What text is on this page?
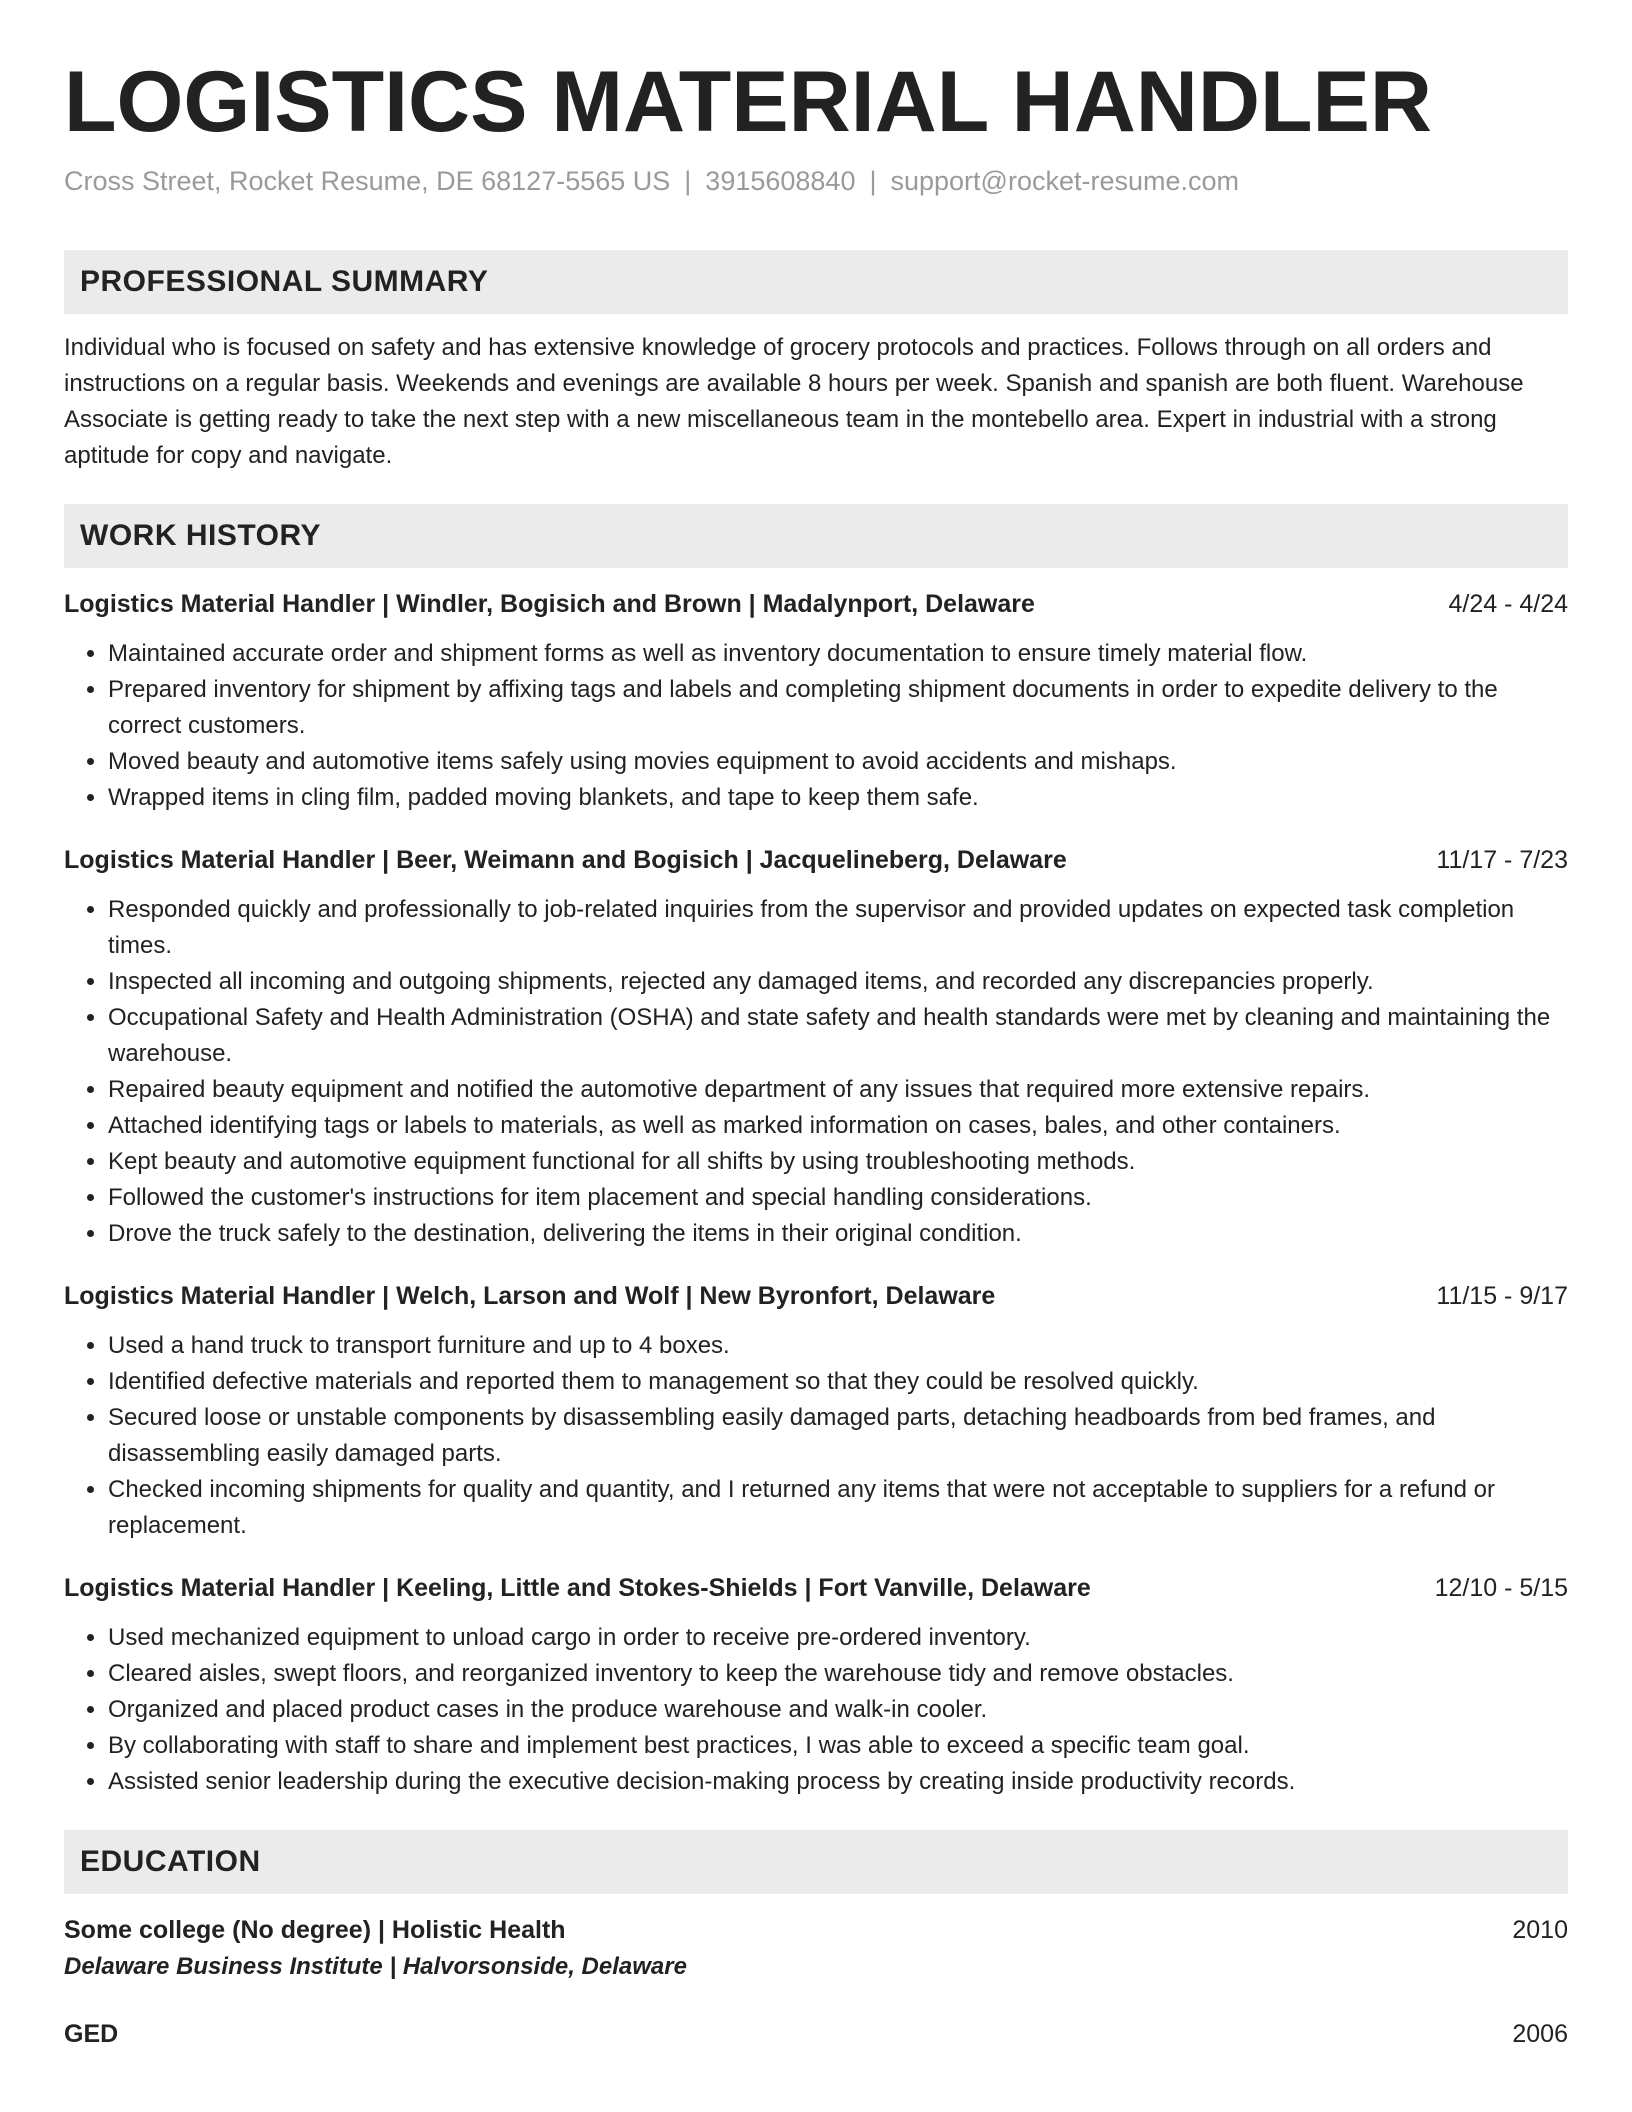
LOGISTICS MATERIAL HANDLER
Cross Street, Rocket Resume, DE 68127-5565 US | 3915608840 | support@rocket-resume.com
PROFESSIONAL SUMMARY
Individual who is focused on safety and has extensive knowledge of grocery protocols and practices. Follows through on all orders and instructions on a regular basis. Weekends and evenings are available 8 hours per week. Spanish and spanish are both fluent. Warehouse Associate is getting ready to take the next step with a new miscellaneous team in the montebello area. Expert in industrial with a strong aptitude for copy and navigate.
WORK HISTORY
Logistics Material Handler | Windler, Bogisich and Brown | Madalynport, Delaware	4/24 - 4/24
• Maintained accurate order and shipment forms as well as inventory documentation to ensure timely material flow.
• Prepared inventory for shipment by affixing tags and labels and completing shipment documents in order to expedite delivery to the correct customers.
• Moved beauty and automotive items safely using movies equipment to avoid accidents and mishaps.
• Wrapped items in cling film, padded moving blankets, and tape to keep them safe.
Logistics Material Handler | Beer, Weimann and Bogisich | Jacquelineberg, Delaware	11/17 - 7/23
• Responded quickly and professionally to job-related inquiries from the supervisor and provided updates on expected task completion times.
• Inspected all incoming and outgoing shipments, rejected any damaged items, and recorded any discrepancies properly.
• Occupational Safety and Health Administration (OSHA) and state safety and health standards were met by cleaning and maintaining the warehouse.
• Repaired beauty equipment and notified the automotive department of any issues that required more extensive repairs.
• Attached identifying tags or labels to materials, as well as marked information on cases, bales, and other containers.
• Kept beauty and automotive equipment functional for all shifts by using troubleshooting methods.
• Followed the customer's instructions for item placement and special handling considerations.
• Drove the truck safely to the destination, delivering the items in their original condition.
Logistics Material Handler | Welch, Larson and Wolf | New Byronfort, Delaware	11/15 - 9/17
• Used a hand truck to transport furniture and up to 4 boxes.
• Identified defective materials and reported them to management so that they could be resolved quickly.
• Secured loose or unstable components by disassembling easily damaged parts, detaching headboards from bed frames, and disassembling easily damaged parts.
• Checked incoming shipments for quality and quantity, and I returned any items that were not acceptable to suppliers for a refund or replacement.
Logistics Material Handler | Keeling, Little and Stokes-Shields | Fort Vanville, Delaware	12/10 - 5/15
• Used mechanized equipment to unload cargo in order to receive pre-ordered inventory.
• Cleared aisles, swept floors, and reorganized inventory to keep the warehouse tidy and remove obstacles.
• Organized and placed product cases in the produce warehouse and walk-in cooler.
• By collaborating with staff to share and implement best practices, I was able to exceed a specific team goal.
• Assisted senior leadership during the executive decision-making process by creating inside productivity records.
EDUCATION
Some college (No degree) | Holistic Health	2010
Delaware Business Institute | Halvorsonside, Delaware
GED	2006
